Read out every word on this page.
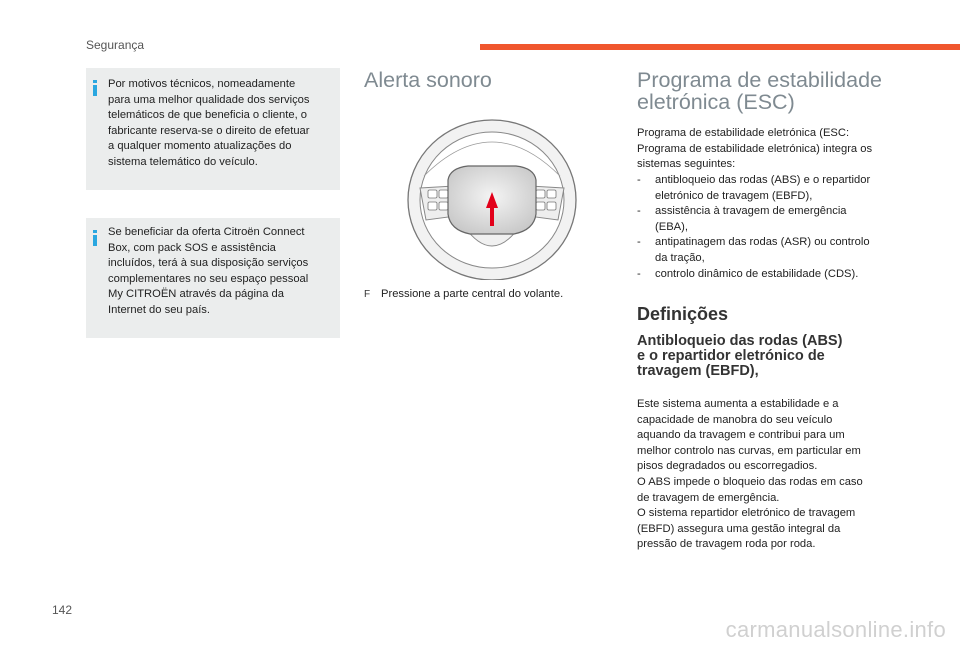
Segurança
Por motivos técnicos, nomeadamente
para uma melhor qualidade dos serviços
telemáticos de que beneficia o cliente, o
fabricante reserva-se o direito de efetuar
a qualquer momento atualizações do
sistema telemático do veículo.
Se beneficiar da oferta Citroën Connect
Box, com pack SOS e assistência
incluídos, terá à sua disposição serviços
complementares no seu espaço pessoal
My CITROËN através da página da
Internet do seu país.
Alerta sonoro
F Pressione a parte central do volante.
Programa de estabilidade
eletrónica (ESC)
Programa de estabilidade eletrónica (ESC:
Programa de estabilidade eletrónica) integra os
sistemas seguintes:
-	antibloqueio das rodas (ABS) e o repartidor
eletrónico de travagem (EBFD),
-	assistência à travagem de emergência
(EBA),
-	antipatinagem das rodas (ASR) ou controlo
da tração,
-	controlo dinâmico de estabilidade (CDS).
Definições
Antibloqueio das rodas (ABS)
e o repartidor eletrónico de
travagem (EBFD),
Este sistema aumenta a estabilidade e a
capacidade de manobra do seu veículo
aquando da travagem e contribui para um
melhor controlo nas curvas, em particular em
pisos degradados ou escorregadios.
O ABS impede o bloqueio das rodas em caso
de travagem de emergência.
O sistema repartidor eletrónico de travagem
(EBFD) assegura uma gestão integral da
pressão de travagem roda por roda.
142
carmanualsonline.info
